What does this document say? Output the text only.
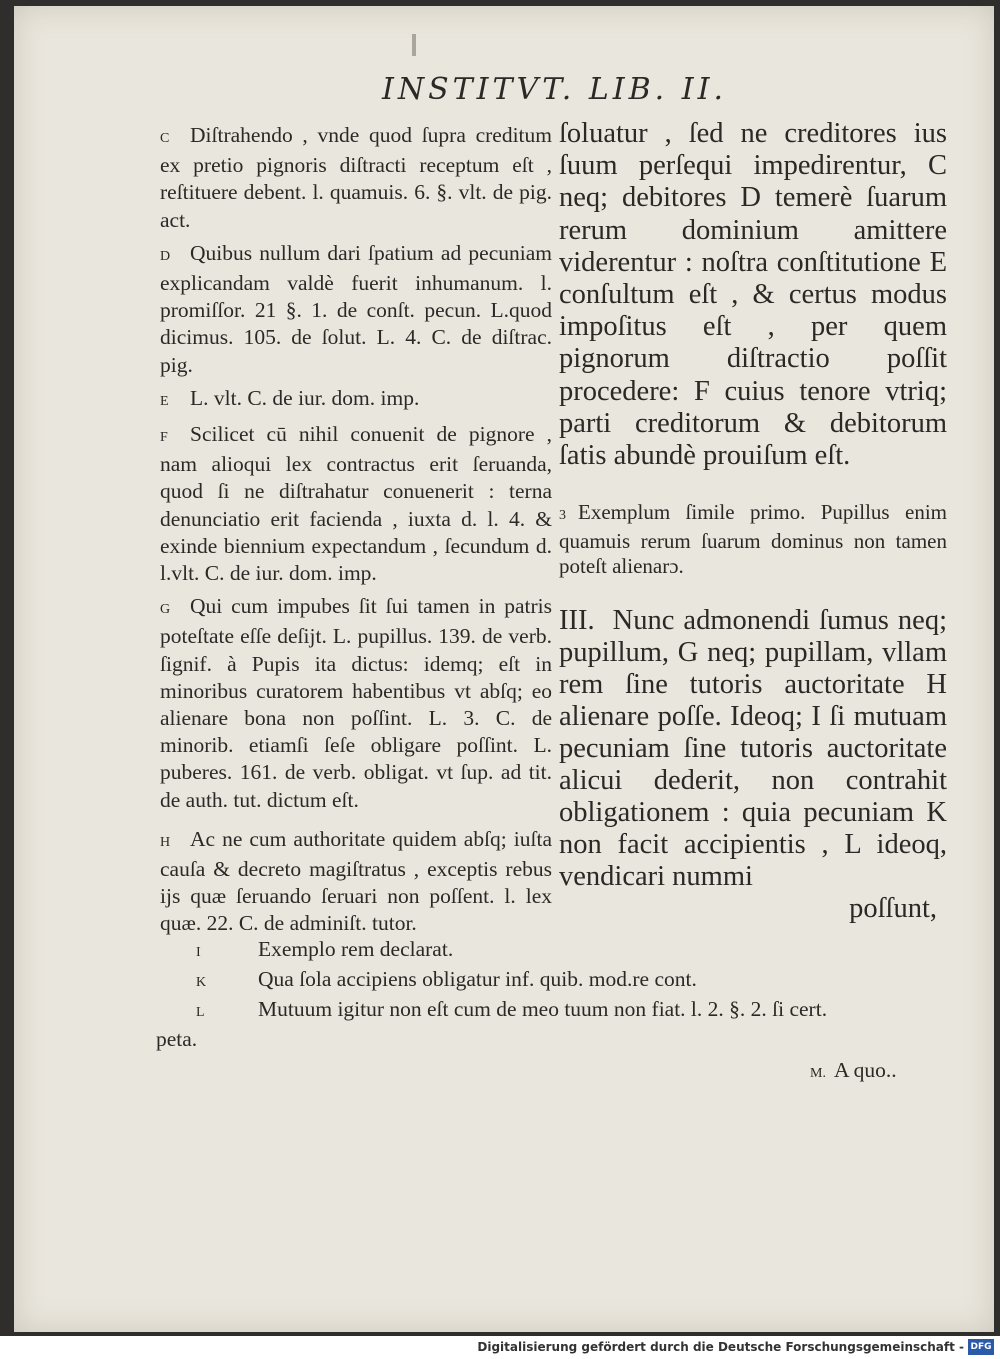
INSTITVT. LIB. II.

C Diſtrahendo , vnde quod ſupra creditum ex pretio pignoris diſtracti receptum eſt , reſtituere debent. l. quamuis. 6. §. vlt. de pig. act.

D Quibus nullum dari ſpatium ad pecuniam explicandam valdè fuerit inhumanum. l. promiſſor. 21 §. 1. de conſt. pecun. L.quod dicimus. 105. de ſolut. L. 4. C. de diſtrac. pig.

E L. vlt. C. de iur. dom. imp.

F Scilicet cū nihil conuenit de pignore , nam alioqui lex contractus erit ſeruanda, quod ſi ne diſtrahatur conuenerit : terna denunciatio erit facienda , iuxta d. l. 4. & exinde biennium expectandum , ſecundum d. l.vlt. C. de iur. dom. imp.

G Qui cum impubes ſit ſui tamen in patris poteſtate eſſe deſijt. L. pupillus. 139. de verb. ſignif. à Pupis ita dictus: idemq; eſt in minoribus curatorem habentibus vt abſq; eo alienare bona non poſſint. L. 3. C. de minorib. etiamſi ſeſe obligare poſſint. L. puberes. 161. de verb. obligat. vt ſup. ad tit. de auth. tut. dictum eſt.

H Ac ne cum authoritate quidem abſq; iuſta cauſa & decreto magiſtratus , exceptis rebus ijs quæ ſeruando ſeruari non poſſent. l. lex quæ. 22. C. de adminiſt. tutor.

ſoluatur , ſed ne creditores ius ſuum perſequi impedirentur, C neq; debitores D temerè ſuarum rerum dominium amittere viderentur : noſtra conſtitutione E conſultum eſt , & certus modus impoſitus eſt , per quem pignorum diſtractio poſſit procedere: F cuius tenore vtriq; parti creditorum & debitorum ſatis abundè prouiſum eſt.

3 Exemplum ſimile primo. Pupillus enim quamuis rerum ſuarum dominus non tamen poteſt alienarɔ.

III. Nunc admonendi ſumus neq; pupillum, G neq; pupillam, vllam rem ſine tutoris auctoritate H alienare poſſe. Ideoq; I ſi mutuam pecuniam ſine tutoris auctoritate alicui dederit, non contrahit obligationem : quia pecuniam K non facit accipientis , L ideoq, vendicari nummi

poſſunt,

I	Exemplo rem declarat.

K Qua ſola accipiens obligatur inf. quib. mod.re cont.

L Mutuum igitur non eſt cum de meo tuum non fiat. l. 2. §. 2. ſi cert.

peta.

M. A quo..
Digitalisierung gefördert durch die Deutsche Forschungsgemeinschaft - DFG
